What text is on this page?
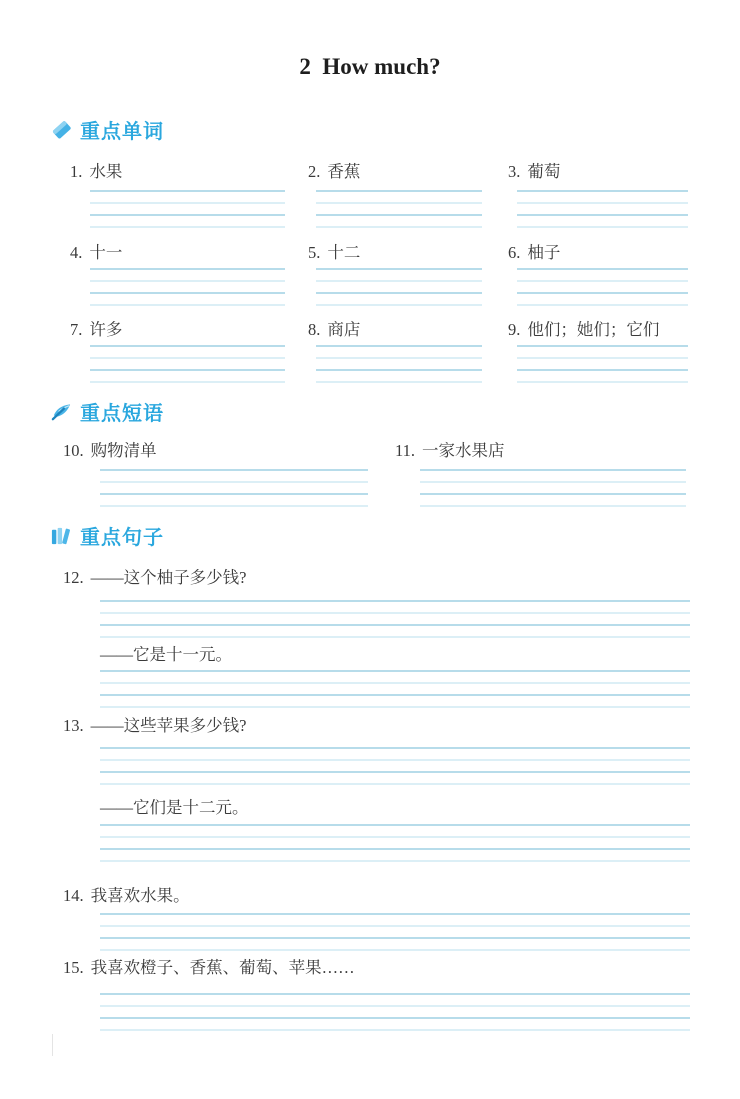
2  How much?
重点单词
1. 水果	2. 香蕉	3. 葡萄
4. 十一	5. 十二	6. 柚子
7. 许多	8. 商店	9. 他们；她们；它们
重点短语
10. 购物清单	11. 一家水果店
重点句子
12. ——这个柚子多少钱?
——它是十一元。
13. ——这些苹果多少钱?
——它们是十二元。
14. 我喜欢水果。
15. 我喜欢橙子、香蕉、葡萄、苹果……
